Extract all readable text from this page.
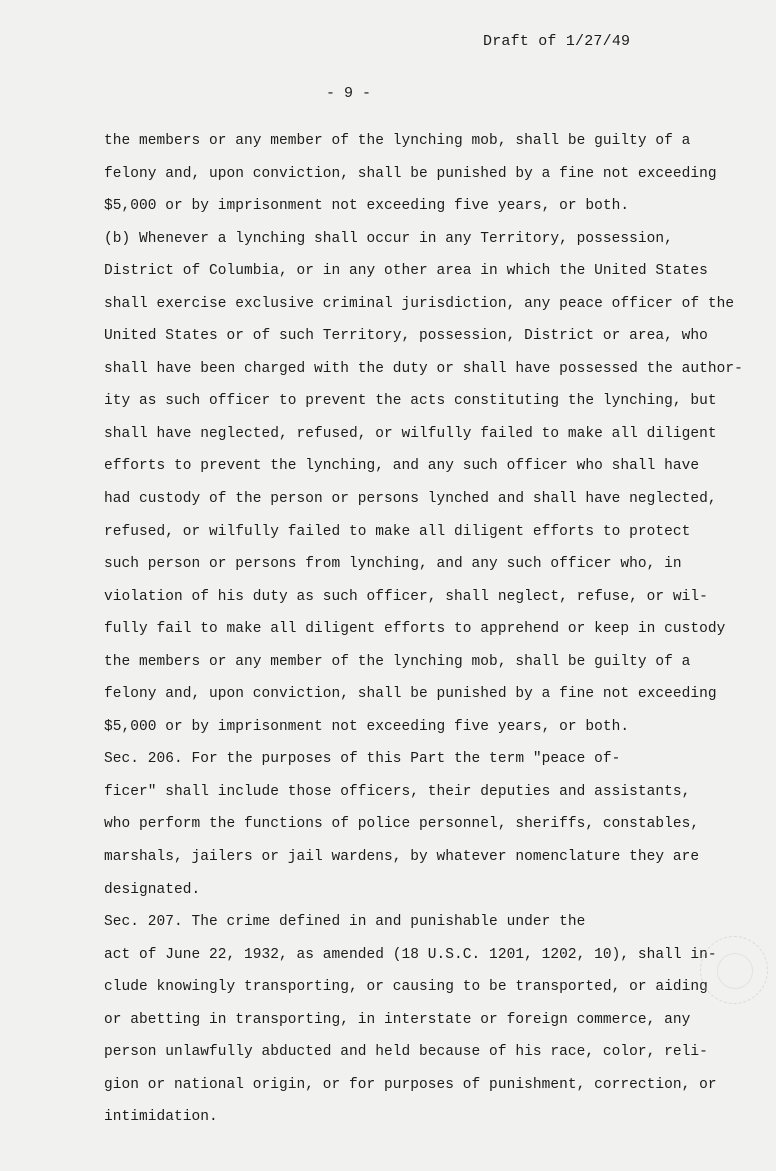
Draft of 1/27/49
- 9 -
the members or any member of the lynching mob, shall be guilty of a
felony and, upon conviction, shall be punished by a fine not exceeding
$5,000 or by imprisonment not exceeding five years, or both.
(b) Whenever a lynching shall occur in any Territory, possession,
District of Columbia, or in any other area in which the United States
shall exercise exclusive criminal jurisdiction, any peace officer of the
United States or of such Territory, possession, District or area, who
shall have been charged with the duty or shall have possessed the author-
ity as such officer to prevent the acts constituting the lynching, but
shall have neglected, refused, or wilfully failed to make all diligent
efforts to prevent the lynching, and any such officer who shall have
had custody of the person or persons lynched and shall have neglected,
refused, or wilfully failed to make all diligent efforts to protect
such person or persons from lynching, and any such officer who, in
violation of his duty as such officer, shall neglect, refuse, or wil-
fully fail to make all diligent efforts to apprehend or keep in custody
the members or any member of the lynching mob, shall be guilty of a
felony and, upon conviction, shall be punished by a fine not exceeding
$5,000 or by imprisonment not exceeding five years, or both.
Sec. 206. For the purposes of this Part the term "peace of-
ficer" shall include those officers, their deputies and assistants,
who perform the functions of police personnel, sheriffs, constables,
marshals, jailers or jail wardens, by whatever nomenclature they are
designated.
Sec. 207. The crime defined in and punishable under the
act of June 22, 1932, as amended (18 U.S.C. 1201, 1202, 10), shall in-
clude knowingly transporting, or causing to be transported, or aiding
or abetting in transporting, in interstate or foreign commerce, any
person unlawfully abducted and held because of his race, color, reli-
gion or national origin, or for purposes of punishment, correction, or
intimidation.
